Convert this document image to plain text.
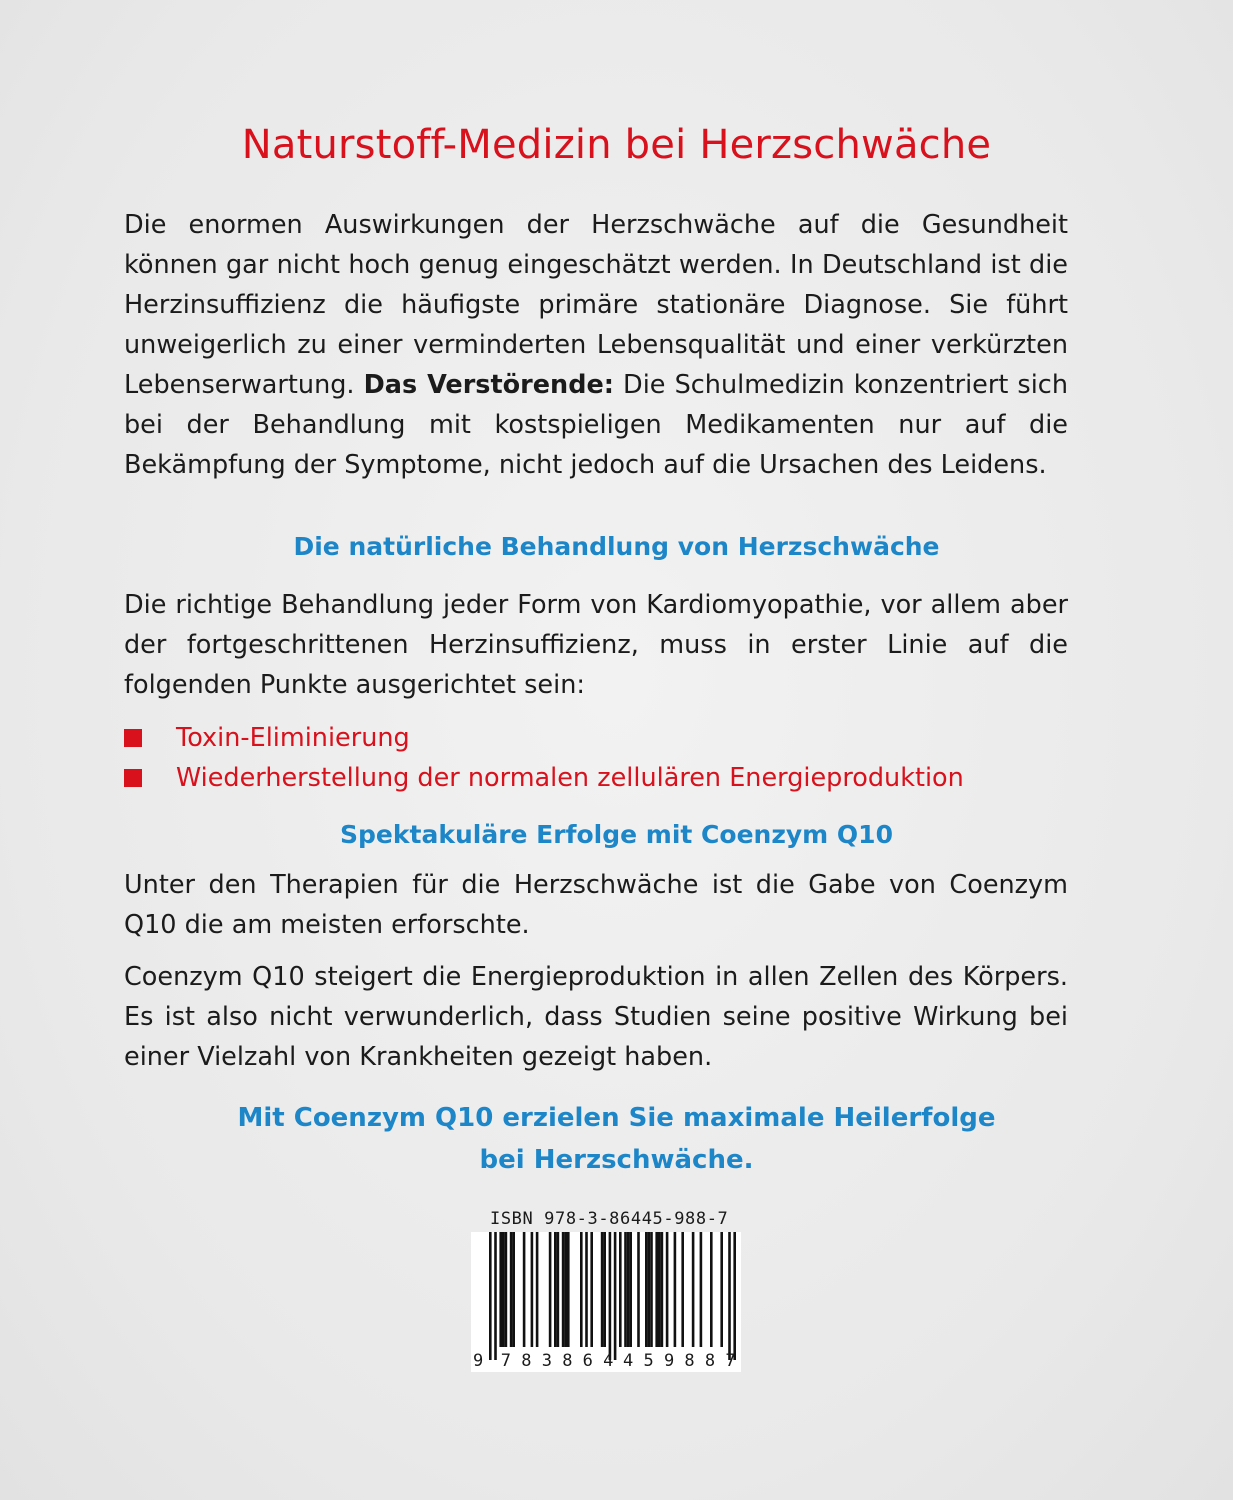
Naturstoff-Medizin bei Herzschwäche

Die enormen Auswirkungen der Herzschwäche auf die Gesundheit können gar nicht hoch genug eingeschätzt werden. In Deutschland ist die Herzinsuffizienz die häufigste primäre stationäre Diagnose. Sie führt unweigerlich zu einer verminderten Lebensqualität und einer verkürzten Lebenserwartung. Das Verstörende: Die Schulmedizin konzentriert sich bei der Behandlung mit kostspieligen Medikamenten nur auf die Bekämpfung der Symptome, nicht jedoch auf die Ursachen des Leidens.

Die natürliche Behandlung von Herzschwäche

Die richtige Behandlung jeder Form von Kardiomyopathie, vor allem aber der fortgeschrittenen Herzinsuffizienz, muss in erster Linie auf die folgenden Punkte ausgerichtet sein:

Toxin-Eliminierung
Wiederherstellung der normalen zellulären Energieproduktion
Spektakuläre Erfolge mit Coenzym Q10

Unter den Therapien für die Herzschwäche ist die Gabe von Coenzym Q10 die am meisten erforschte.

Coenzym Q10 steigert die Energieproduktion in allen Zellen des Körpers. Es ist also nicht verwunderlich, dass Studien seine positive Wirkung bei einer Vielzahl von Krankheiten gezeigt haben.

Mit Coenzym Q10 erzielen Sie maximale Heilerfolge
bei Herzschwäche.
ISBN 978-3-86445-988-7
9 7 8 3 8 6 4 4 5 9 8 8 7
